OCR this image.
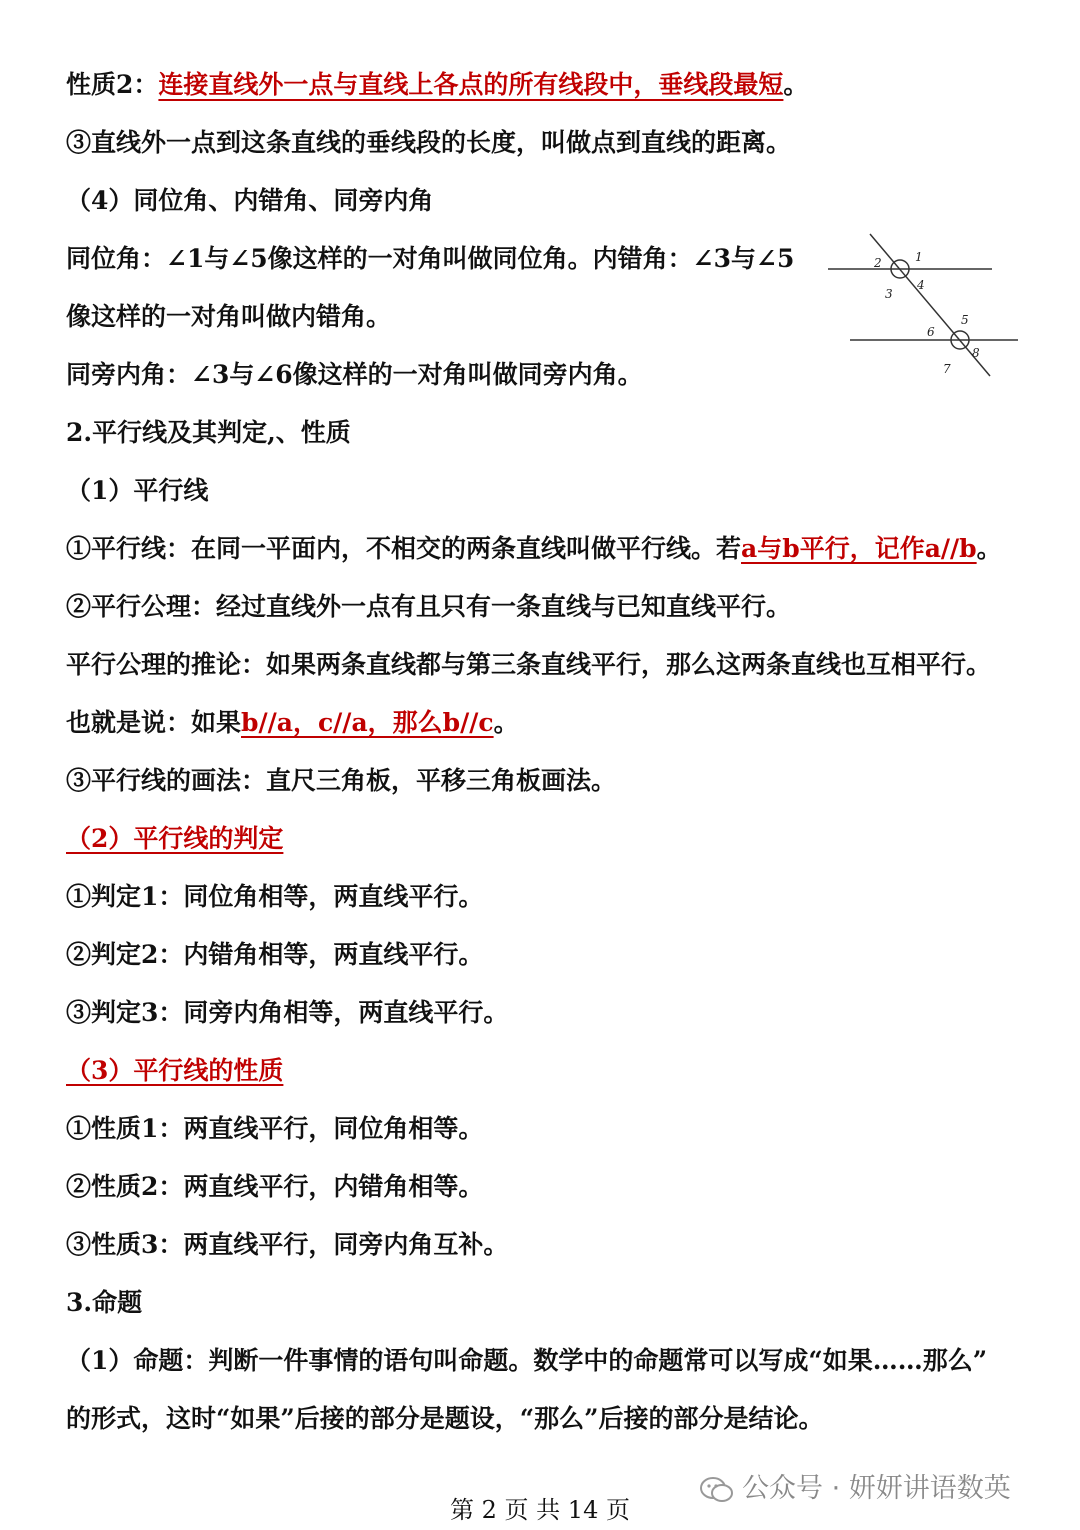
性质2：连接直线外一点与直线上各点的所有线段中，垂线段最短。
③直线外一点到这条直线的垂线段的长度，叫做点到直线的距离。
（4）同位角、内错角、同旁内角
同位角：∠1与∠5像这样的一对角叫做同位角。内错角：∠3与∠5
像这样的一对角叫做内错角。
同旁内角：∠3与∠6像这样的一对角叫做同旁内角。
2.平行线及其判定,、性质
（1）平行线
①平行线：在同一平面内，不相交的两条直线叫做平行线。若a与b平行，记作a//b。
②平行公理：经过直线外一点有且只有一条直线与已知直线平行。
平行公理的推论：如果两条直线都与第三条直线平行，那么这两条直线也互相平行。
也就是说：如果b//a，c//a，那么b//c。
③平行线的画法：直尺三角板，平移三角板画法。
（2）平行线的判定
①判定1：同位角相等，两直线平行。
②判定2：内错角相等，两直线平行。
③判定3：同旁内角相等，两直线平行。
（3）平行线的性质
①性质1：两直线平行，同位角相等。
②性质2：两直线平行，内错角相等。
③性质3：两直线平行，同旁内角互补。
3.命题
（1）命题：判断一件事情的语句叫命题。数学中的命题常可以写成“如果……那么”
的形式，这时“如果”后接的部分是题设，“那么”后接的部分是结论。
1
2
3
4
5
6
7
8
公众号 · 妍妍讲语数英
第 2 页 共 14 页
